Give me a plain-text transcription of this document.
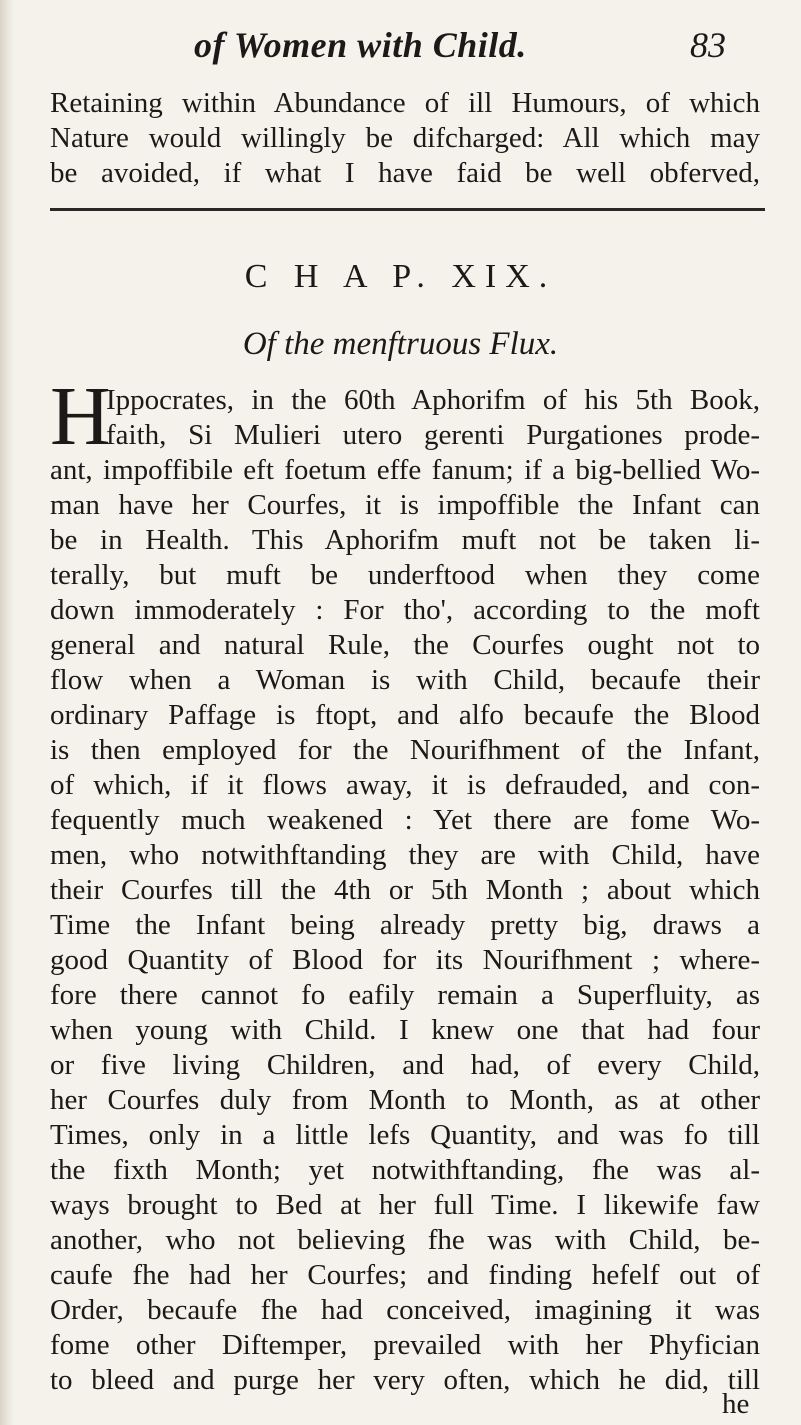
of Women with Child.	83
Retaining within Abundance of ill Humours, of which
Nature would willingly be difcharged: All which may
be avoided, if what I have faid be well obferved,
C H A P. XIX.
Of the menftruous Flux.
H
Ippocrates, in the 60th Aphorifm of his 5th Book,
faith, Si Mulieri utero gerenti Purgationes prode-
ant, impoffibile eft foetum effe fanum; if a big-bellied Wo-
man have her Courfes, it is impoffible the Infant can
be in Health. This Aphorifm muft not be taken li-
terally, but muft be underftood when they come
down immoderately : For tho', according to the moft
general and natural Rule, the Courfes ought not to
flow when a Woman is with Child, becaufe their
ordinary Paffage is ftopt, and alfo becaufe the Blood
is then employed for the Nourifhment of the Infant,
of which, if it flows away, it is defrauded, and con-
fequently much weakened : Yet there are fome Wo-
men, who notwithftanding they are with Child, have
their Courfes till the 4th or 5th Month ; about which
Time the Infant being already pretty big, draws a
good Quantity of Blood for its Nourifhment ; where-
fore there cannot fo eafily remain a Superfluity, as
when young with Child. I knew one that had four
or five living Children, and had, of every Child,
her Courfes duly from Month to Month, as at other
Times, only in a little lefs Quantity, and was fo till
the fixth Month; yet notwithftanding, fhe was al-
ways brought to Bed at her full Time. I likewife faw
another, who not believing fhe was with Child, be-
caufe fhe had her Courfes; and finding hefelf out of
Order, becaufe fhe had conceived, imagining it was
fome other Diftemper, prevailed with her Phyfician
to bleed and purge her very often, which he did, till
he
